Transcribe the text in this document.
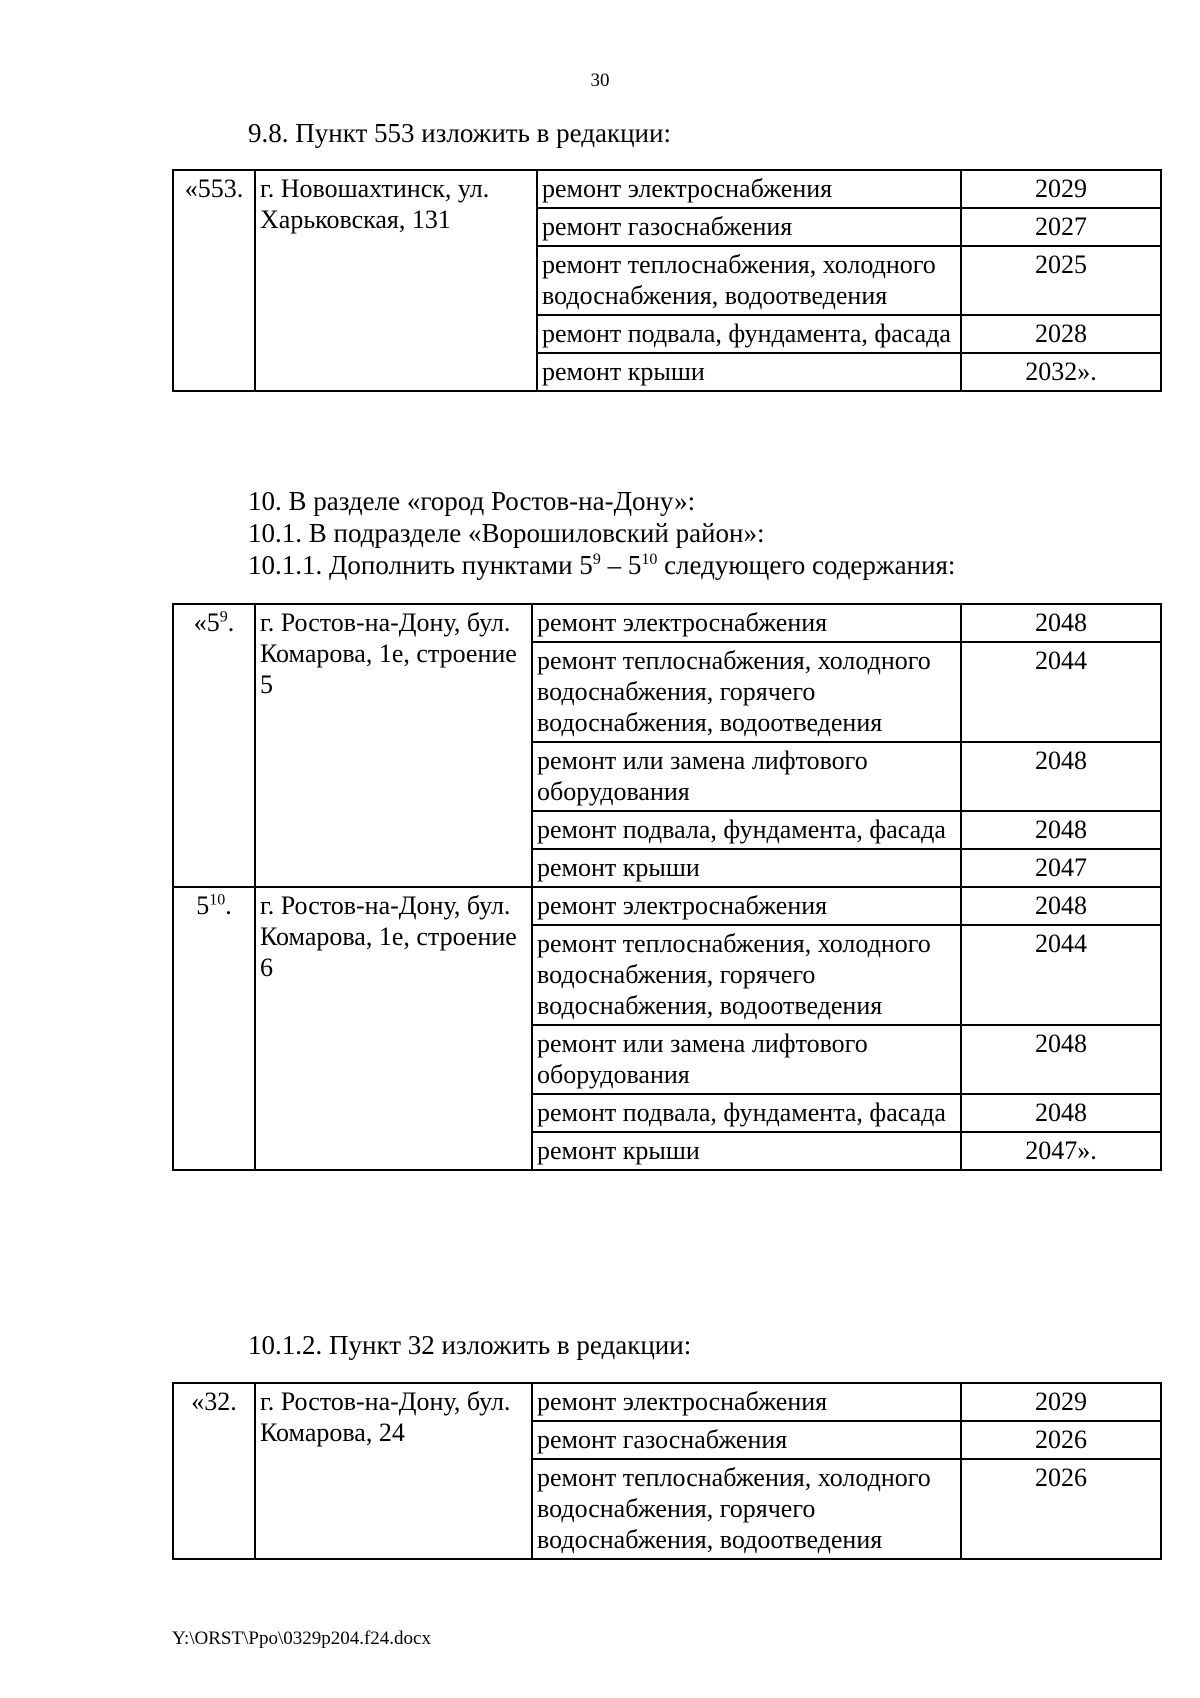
30
9.8. Пункт 553 изложить в редакции:
«553.	г. Новошахтинск, ул. Харьковская, 131	ремонт электроснабжения	2029
		ремонт газоснабжения	2027
		ремонт теплоснабжения, холодного водоснабжения, водоотведения	2025
		ремонт подвала, фундамента, фасада	2028
		ремонт крыши	2032».
10. В разделе «город Ростов-на-Дону»:
10.1. В подразделе «Ворошиловский район»:
10.1.1. Дополнить пунктами $5^9 - 5^{10}$ следующего содержания:
«$5^9$.	г. Ростов-на-Дону, бул. Комарова, 1е, строение 5	ремонт электроснабжения	2048
		ремонт теплоснабжения, холодного водоснабжения, горячего водоснабжения, водоотведения	2044
		ремонт или замена лифтового оборудования	2048
		ремонт подвала, фундамента, фасада	2048
		ремонт крыши	2047
$5^{10}$.	г. Ростов-на-Дону, бул. Комарова, 1е, строение 6	ремонт электроснабжения	2048
		ремонт теплоснабжения, холодного водоснабжения, горячего водоснабжения, водоотведения	2044
		ремонт или замена лифтового оборудования	2048
		ремонт подвала, фундамента, фасада	2048
		ремонт крыши	2047».
10.1.2. Пункт 32 изложить в редакции:
«32.	г. Ростов-на-Дону, бул. Комарова, 24	ремонт электроснабжения	2029
		ремонт газоснабжения	2026
		ремонт теплоснабжения, холодного водоснабжения, горячего водоснабжения, водоотведения	2026
Y:\ORST\Ppo\0329p204.f24.docx
